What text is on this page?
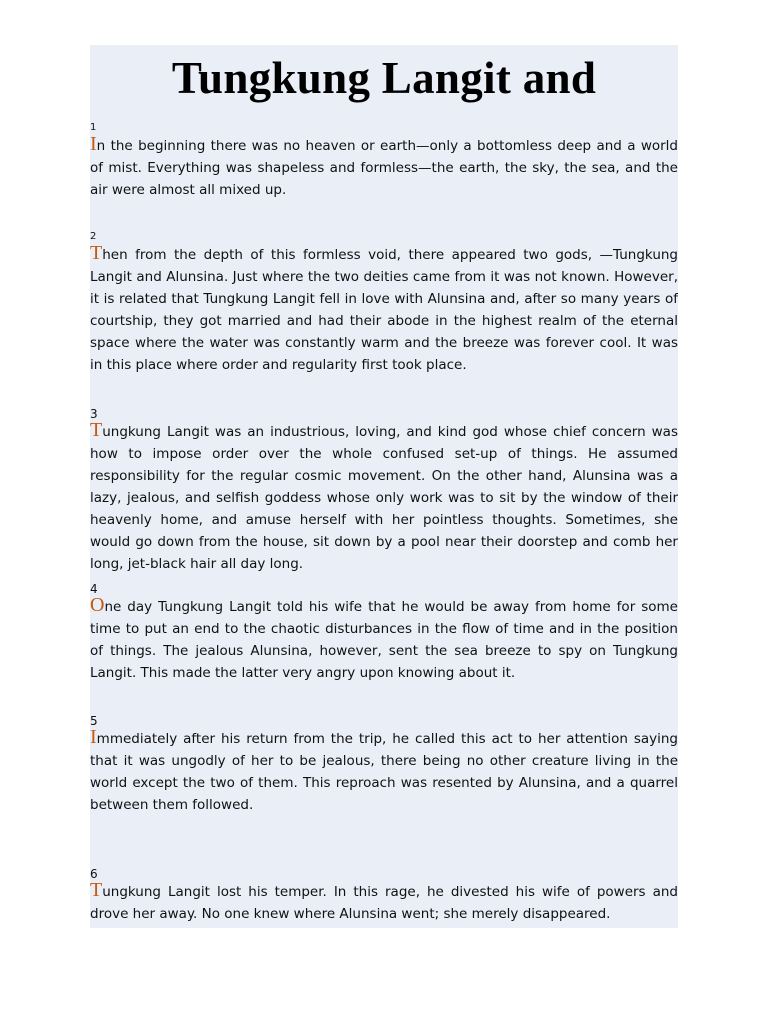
Tungkung Langit and
1

In the beginning there was no heaven or earth—only a bottomless deep and a world of mist. Everything was shapeless and formless—the earth, the sky, the sea, and the air were almost all mixed up.

2

Then from the depth of this formless void, there appeared two gods, —Tungkung Langit and Alunsina. Just where the two deities came from it was not known. However, it is related that Tungkung Langit fell in love with Alunsina and, after so many years of courtship, they got married and had their abode in the highest realm of the eternal space where the water was constantly warm and the breeze was forever cool. It was in this place where order and regularity first took place.

3

Tungkung Langit was an industrious, loving, and kind god whose chief concern was how to impose order over the whole confused set-up of things. He assumed responsibility for the regular cosmic movement. On the other hand, Alunsina was a lazy, jealous, and selfish goddess whose only work was to sit by the window of their heavenly home, and amuse herself with her pointless thoughts. Sometimes, she would go down from the house, sit down by a pool near their doorstep and comb her long, jet-black hair all day long.

4

One day Tungkung Langit told his wife that he would be away from home for some time to put an end to the chaotic disturbances in the flow of time and in the position of things. The jealous Alunsina, however, sent the sea breeze to spy on Tungkung Langit. This made the latter very angry upon knowing about it.

5

Immediately after his return from the trip, he called this act to her attention saying that it was ungodly of her to be jealous, there being no other creature living in the world except the two of them. This reproach was resented by Alunsina, and a quarrel between them followed.

6

Tungkung Langit lost his temper. In this rage, he divested his wife of powers and drove her away. No one knew where Alunsina went; she merely disappeared.
